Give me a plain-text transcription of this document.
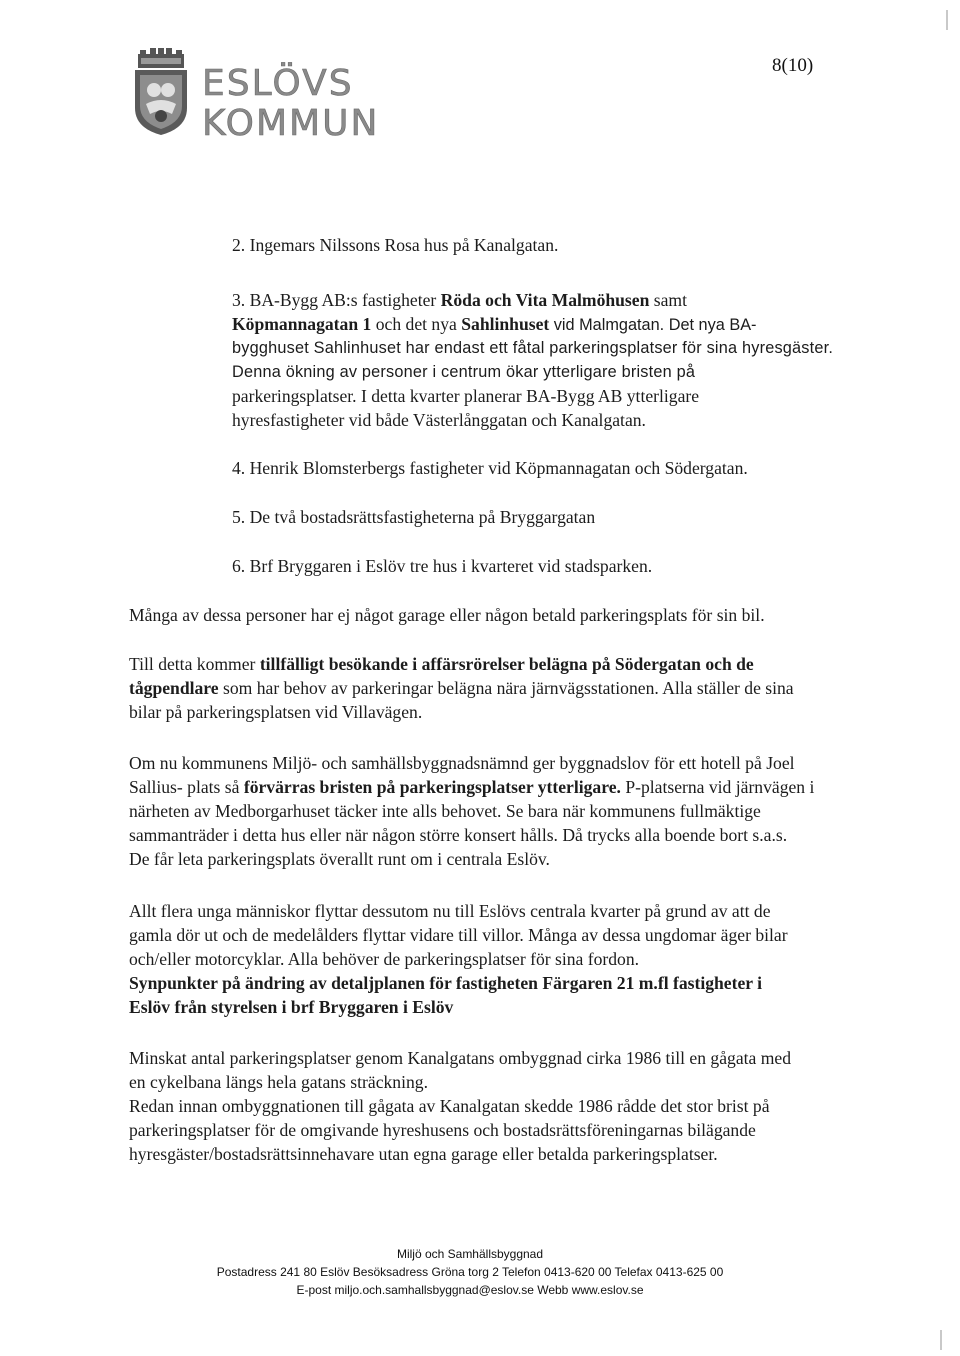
ESLÖVS
KOMMUN
8(10)
2. Ingemars Nilssons Rosa hus på Kanalgatan.
3. BA-Bygg AB:s fastigheter Röda och Vita Malmöhusen samt
Köpmannagatan 1 och det nya Sahlinhuset vid Malmgatan. Det nya BA-
bygghuset Sahlinhuset har endast ett fåtal parkeringsplatser för sina hyresgäster.
Denna ökning av personer i centrum ökar ytterligare bristen på
parkeringsplatser. I detta kvarter planerar BA-Bygg AB ytterligare
hyresfastigheter vid både Västerlånggatan och Kanalgatan.
4. Henrik Blomsterbergs fastigheter vid Köpmannagatan och Södergatan.
5. De två bostadsrättsfastigheterna på Bryggargatan
6. Brf Bryggaren i Eslöv tre hus i kvarteret vid stadsparken.
Många av dessa personer har ej något garage eller någon betald parkeringsplats för sin bil.
Till detta kommer tillfälligt besökande i affärsrörelser belägna på Södergatan och de
tågpendlare som har behov av parkeringar belägna nära järnvägsstationen. Alla ställer de sina
bilar på parkeringsplatsen vid Villavägen.
Om nu kommunens Miljö- och samhällsbyggnadsnämnd ger byggnadslov för ett hotell på Joel
Sallius- plats så förvärras bristen på parkeringsplatser ytterligare. P-platserna vid järnvägen i
närheten av Medborgarhuset täcker inte alls behovet. Se bara när kommunens fullmäktige
sammanträder i detta hus eller när någon större konsert hålls. Då trycks alla boende bort s.a.s.
De får leta parkeringsplats överallt runt om i centrala Eslöv.
Allt flera unga människor flyttar dessutom nu till Eslövs centrala kvarter på grund av att de
gamla dör ut och de medelålders flyttar vidare till villor. Många av dessa ungdomar äger bilar
och/eller motorcyklar. Alla behöver de parkeringsplatser för sina fordon.
Synpunkter på ändring av detaljplanen för fastigheten Färgaren 21 m.fl fastigheter i
Eslöv från styrelsen i brf Bryggaren i Eslöv
Minskat antal parkeringsplatser genom Kanalgatans ombyggnad cirka 1986 till en gågata med
en cykelbana längs hela gatans sträckning.
Redan innan ombyggnationen till gågata av Kanalgatan skedde 1986 rådde det stor brist på
parkeringsplatser för de omgivande hyreshusens och bostadsrättsföreningarnas bilägande
hyresgäster/bostadsrättsinnehavare utan egna garage eller betalda parkeringsplatser.
Miljö och Samhällsbyggnad
Postadress 241 80 Eslöv Besöksadress Gröna torg 2 Telefon 0413-620 00 Telefax 0413-625 00
E-post miljo.och.samhallsbyggnad@eslov.se Webb www.eslov.se
